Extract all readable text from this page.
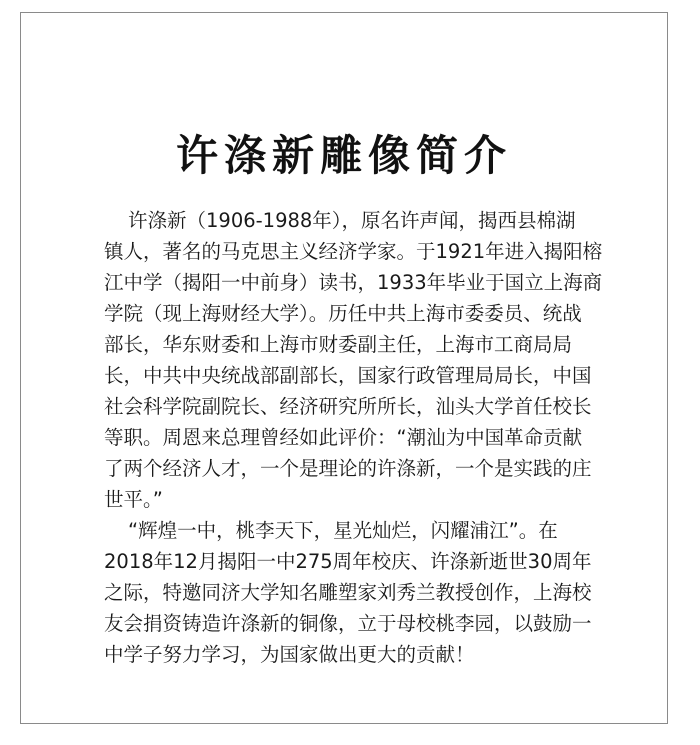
许涤新雕像简介
许涤新（1906-1988年），原名许声闻，揭西县棉湖
镇人，著名的马克思主义经济学家。于1921年进入揭阳榕
江中学（揭阳一中前身）读书，1933年毕业于国立上海商
学院（现上海财经大学）。历任中共上海市委委员、统战
部长，华东财委和上海市财委副主任，上海市工商局局
长，中共中央统战部副部长，国家行政管理局局长，中国
社会科学院副院长、经济研究所所长，汕头大学首任校长
等职。周恩来总理曾经如此评价：“潮汕为中国革命贡献
了两个经济人才，一个是理论的许涤新，一个是实践的庄
世平。”
“辉煌一中，桃李天下，星光灿烂，闪耀浦江”。在
2018年12月揭阳一中275周年校庆、许涤新逝世30周年
之际，特邀同济大学知名雕塑家刘秀兰教授创作，上海校
友会捐资铸造许涤新的铜像，立于母校桃李园，以鼓励一
中学子努力学习，为国家做出更大的贡献！
